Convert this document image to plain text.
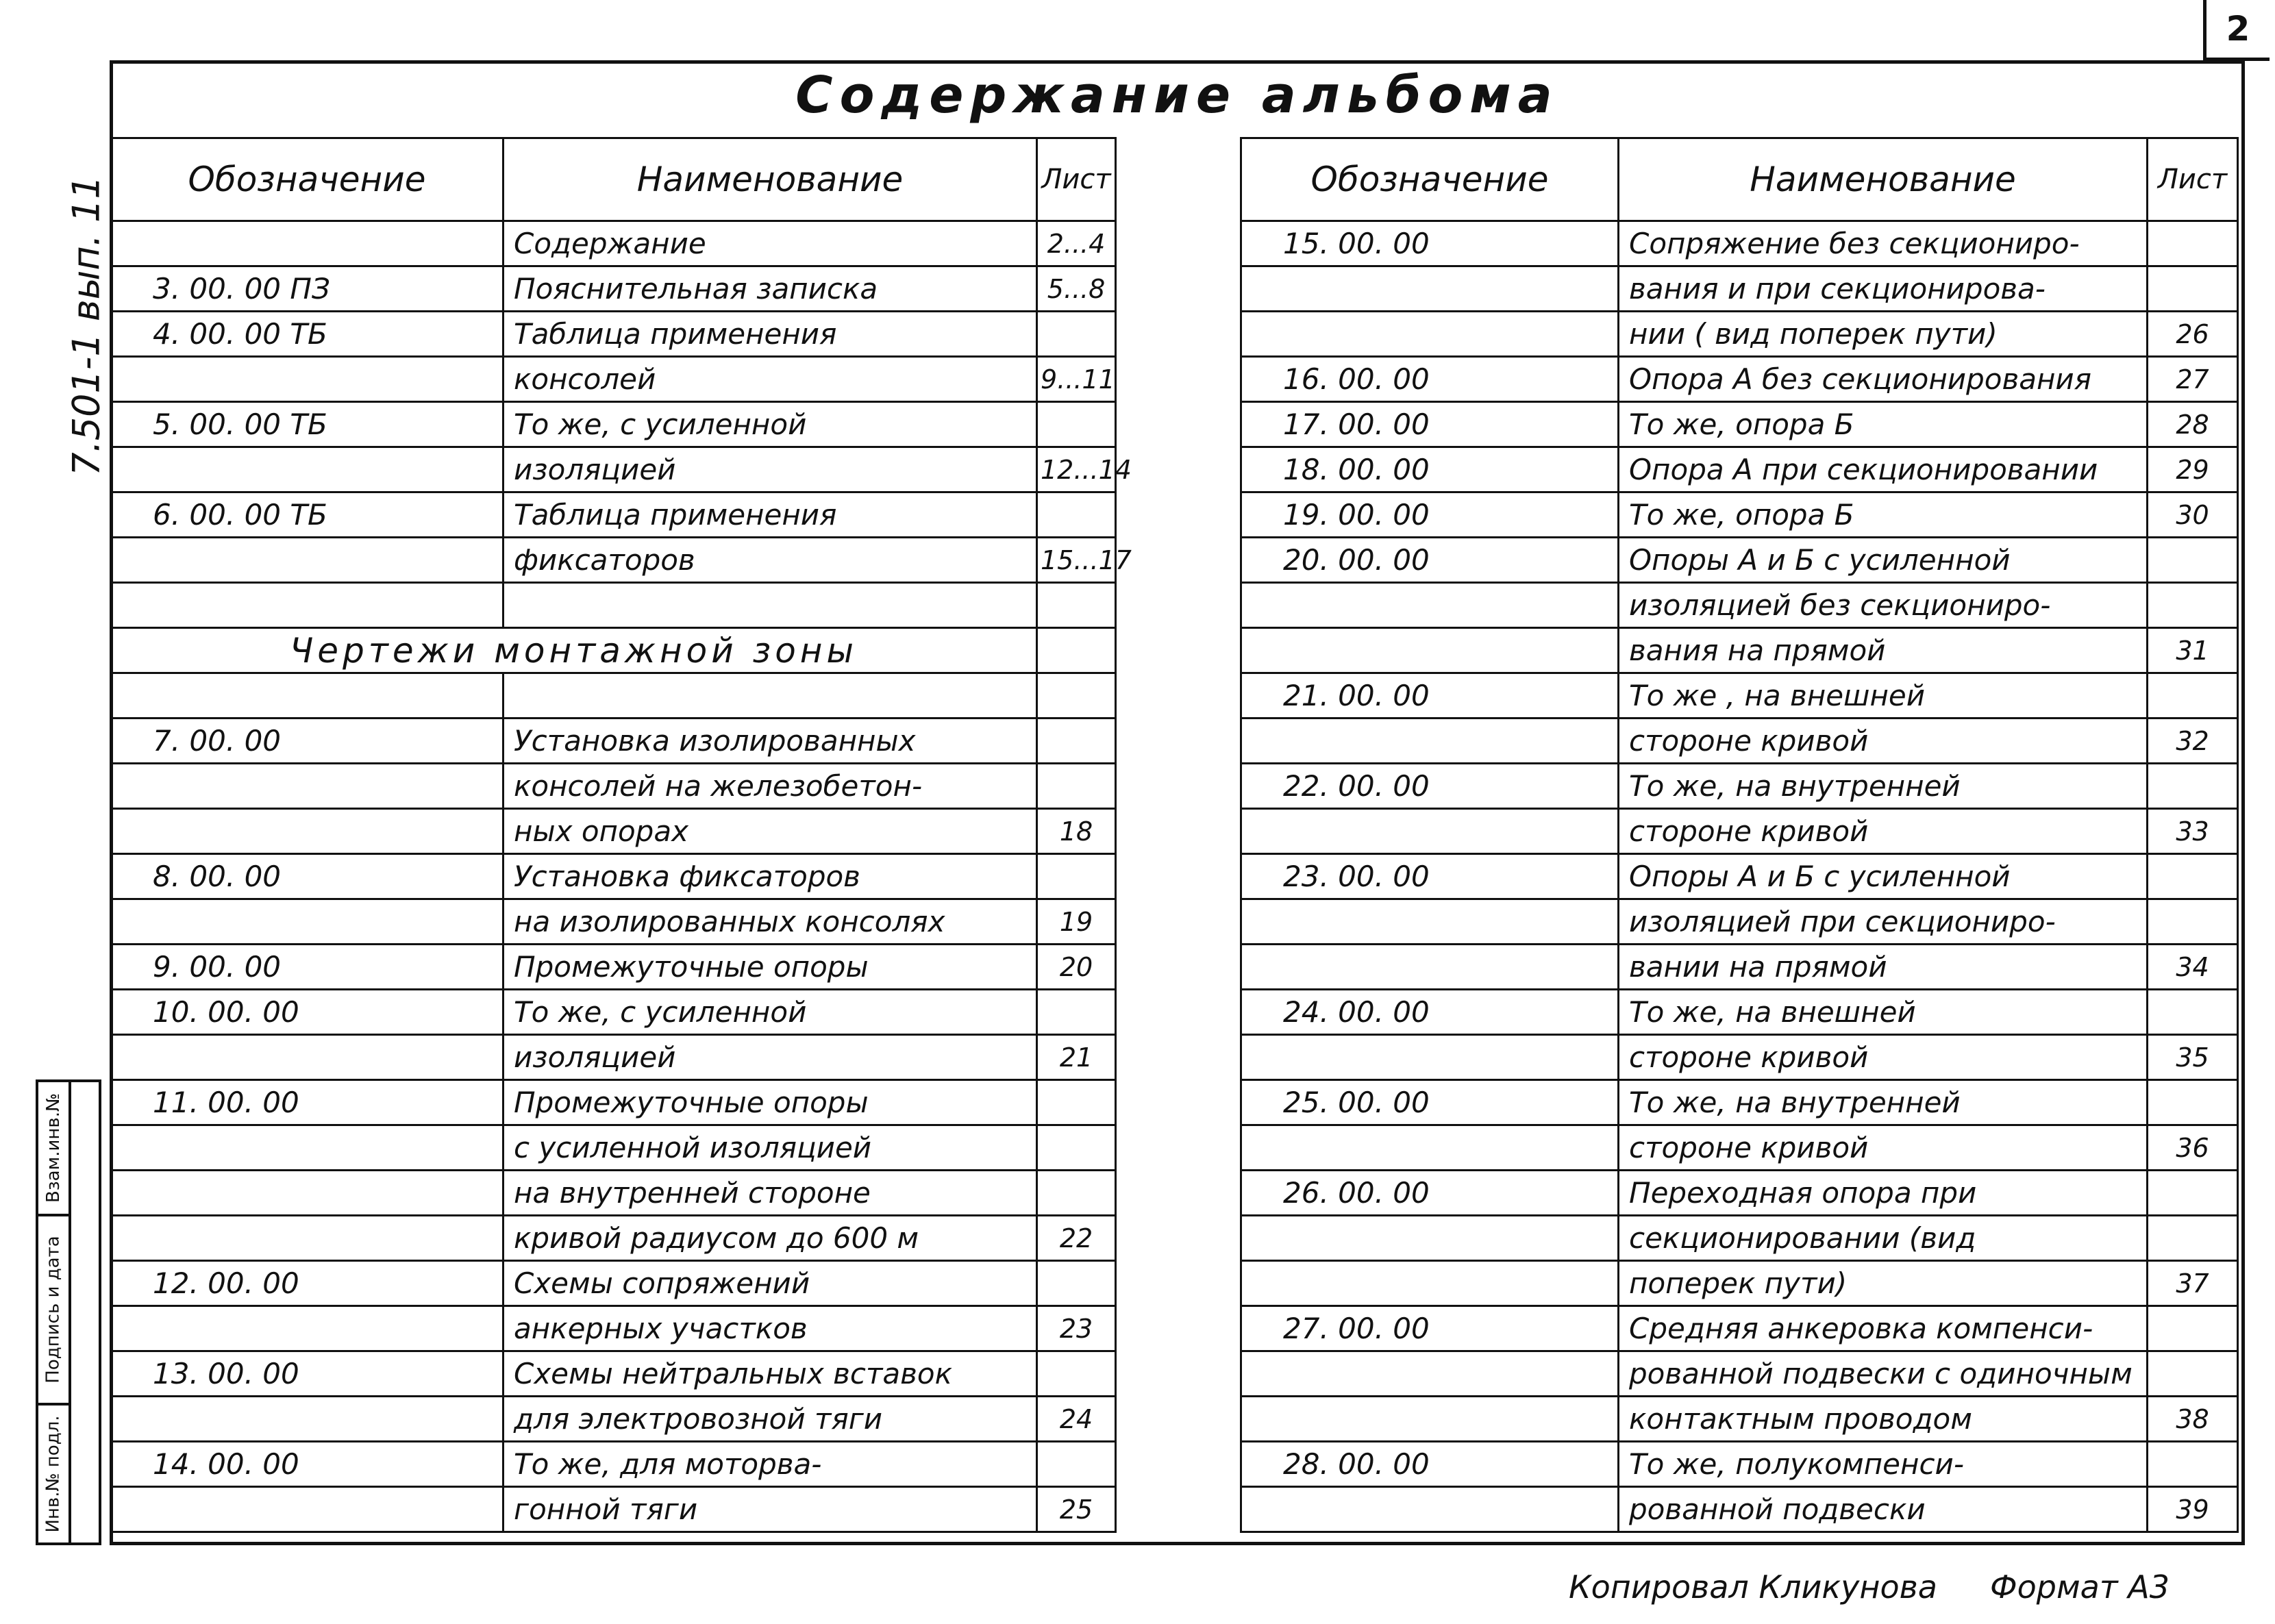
2
Содержание альбома
7.501-1 вып. 11
Взам.инв.№
Подпись и дата
Инв.№ подл.
Обозначение	Наименование	Лист
	Содержание	2...4
3. 00. 00 ПЗ	Пояснительная записка	5...8
4. 00. 00 ТБ	Таблица применения	
	консолей	9...11
5. 00. 00 ТБ	То же, с усиленной	
	изоляцией	12...14
6. 00. 00 ТБ	Таблица применения	
	фиксаторов	15...17

Чертежи монтажной зоны		

7. 00. 00	Установка изолированных	
	консолей на железобетон-	
	ных опорах	18
8. 00. 00	Установка фиксаторов	
	на изолированных консолях	19
9. 00. 00	Промежуточные опоры	20
10. 00. 00	То же, с усиленной	
	изоляцией	21
11. 00. 00	Промежуточные опоры	
	с усиленной изоляцией	
	на внутренней стороне	
	кривой радиусом до 600 м	22
12. 00. 00	Схемы сопряжений	
	анкерных участков	23
13. 00. 00	Схемы нейтральных вставок	
	для электровозной тяги	24
14. 00. 00	То же, для моторва-	
	гонной тяги	25
Обозначение	Наименование	Лист
15. 00. 00	Сопряжение без секциониро-	
	вания и при секционирова-	
	нии ( вид поперек пути)	26
16. 00. 00	Опора А без секционирования	27
17. 00. 00	То же, опора Б	28
18. 00. 00	Опора А при секционировании	29
19. 00. 00	То же, опора Б	30
20. 00. 00	Опоры А и Б с усиленной	
	изоляцией без секциониро-	
	вания на прямой	31
21. 00. 00	То же , на внешней	
	стороне кривой	32
22. 00. 00	То же, на внутренней	
	стороне кривой	33
23. 00. 00	Опоры А и Б с усиленной	
	изоляцией при секциониро-	
	вании на прямой	34
24. 00. 00	То же, на внешней	
	стороне кривой	35
25. 00. 00	То же, на внутренней	
	стороне кривой	36
26. 00. 00	Переходная опора при	
	секционировании (вид	
	поперек пути)	37
27. 00. 00	Средняя анкеровка компенси-	
	рованной подвески с одиночным	
	контактным проводом	38
28. 00. 00	То же, полукомпенси-	
	рованной подвески	39
Копировал Кликунова Формат А3
